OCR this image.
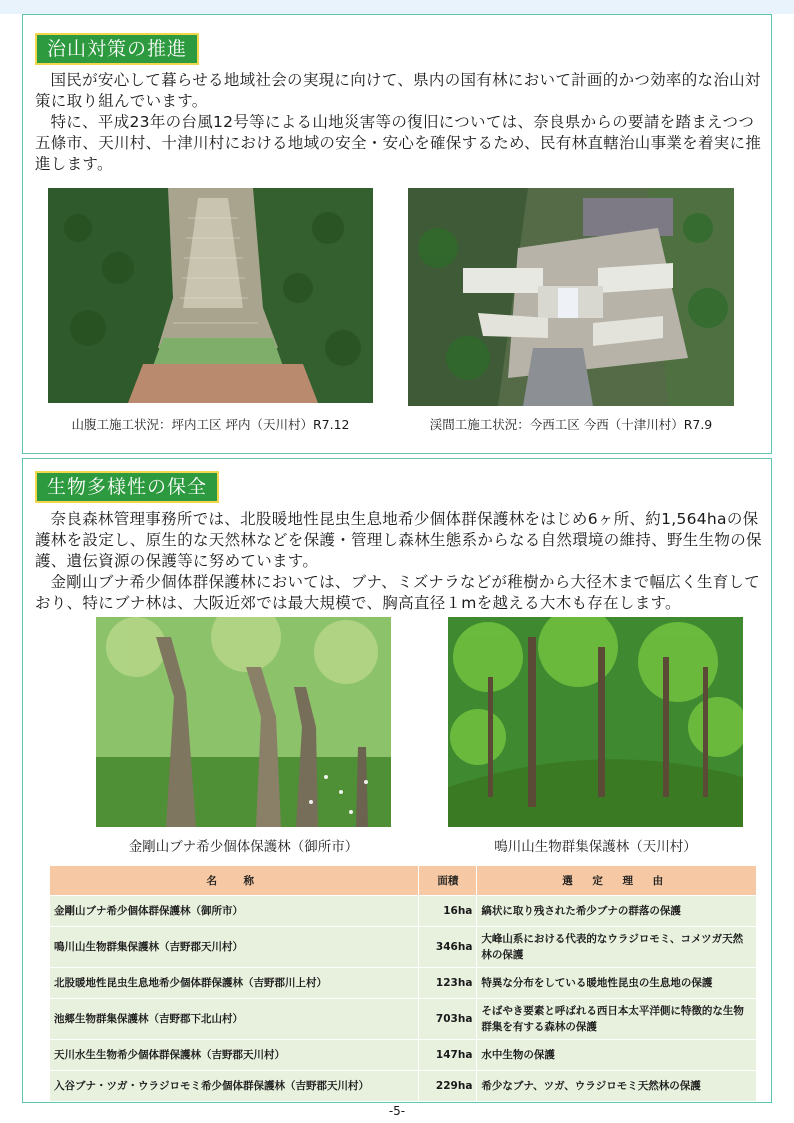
治山対策の推進

国民が安心して暮らせる地域社会の実現に向けて、県内の国有林において計画的かつ効率的な治山対策に取り組んでいます。

特に、平成23年の台風12号等による山地災害等の復旧については、奈良県からの要請を踏まえつつ五條市、天川村、十津川村における地域の安全・安心を確保するため、民有林直轄治山事業を着実に推進します。

山腹工施工状況：坪内工区 坪内（天川村）R7.12	渓間工施工状況：今西工区 今西（十津川村）R7.9
生物多様性の保全

奈良森林管理事務所では、北股暖地性昆虫生息地希少個体群保護林をはじめ6ヶ所、約1,564haの保護林を設定し、原生的な天然林などを保護・管理し森林生態系からなる自然環境の維持、野生生物の保護、遺伝資源の保護等に努めています。

金剛山ブナ希少個体群保護林においては、ブナ、ミズナラなどが稚樹から大径木まで幅広く生育しており、特にブナ林は、大阪近郊では最大規模で、胸高直径１mを越える大木も存在します。

金剛山ブナ希少個体保護林（御所市）	鳴川山生物群集保護林（天川村）
名　称	面積	選 定 理 由
金剛山ブナ希少個体群保護林（御所市）	16ha	縞状に取り残された希少ブナの群落の保護
鳴川山生物群集保護林（吉野郡天川村）	346ha	大峰山系における代表的なウラジロモミ、コメツガ天然林の保護
北股暖地性昆虫生息地希少個体群保護林（吉野郡川上村）	123ha	特異な分布をしている暖地性昆虫の生息地の保護
池郷生物群集保護林（吉野郡下北山村）	703ha	そばやき要素と呼ばれる西日本太平洋側に特徴的な生物群集を有する森林の保護
天川水生生物希少個体群保護林（吉野郡天川村）	147ha	水中生物の保護
入谷ブナ・ツガ・ウラジロモミ希少個体群保護林（吉野郡天川村）	229ha	希少なブナ、ツガ、ウラジロモミ天然林の保護
-5-
